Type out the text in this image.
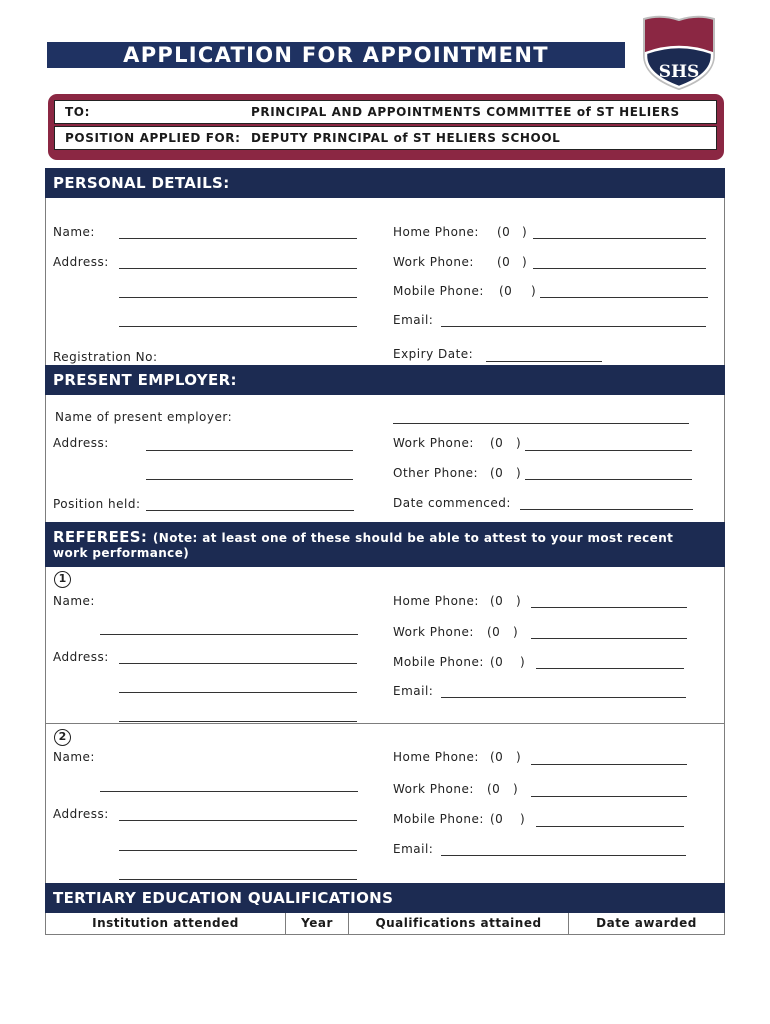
APPLICATION FOR APPOINTMENT
SHS
TO:	PRINCIPAL AND APPOINTMENTS COMMITTEE of ST HELIERS
POSITION APPLIED FOR: DEPUTY PRINCIPAL of ST HELIERS SCHOOL
PERSONAL DETAILS:
Name:
Address:
Registration No:
Home Phone: (0 )
Work Phone: (0 )
Mobile Phone: (0 )
Email:
Expiry Date:
PRESENT EMPLOYER:
Name of present employer:
Address:
Position held:
Work Phone: (0 )
Other Phone: (0 )
Date commenced:
REFEREES: (Note: at least one of these should be able to attest to your most recent
work performance)
1
Name:
Address:
Home Phone: (0 )
Work Phone: (0 )
Mobile Phone: (0 )
Email:
2
Name:
Address:
Home Phone: (0 )
Work Phone: (0 )
Mobile Phone: (0 )
Email:
TERTIARY EDUCATION QUALIFICATIONS
Institution attended	Year	Qualifications attained	Date awarded
